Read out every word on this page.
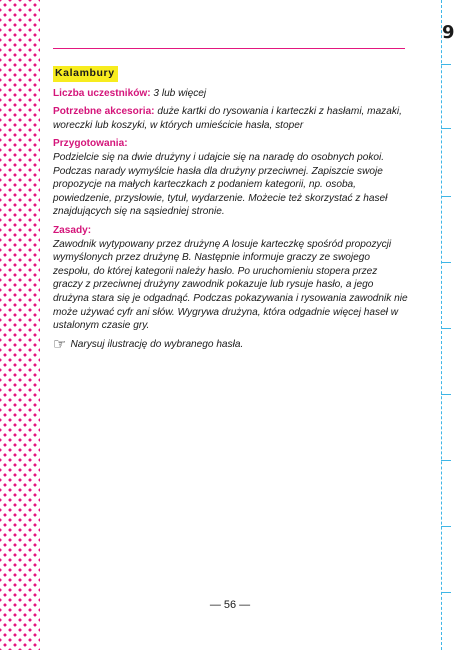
9
Kalambury

Liczba uczestników: 3 lub więcej

Potrzebne akcesoria: duże kartki do rysowania i karteczki z hasłami, mazaki, woreczki lub koszyki, w których umieścicie hasła, stoper

Przygotowania:
Podzielcie się na dwie drużyny i udajcie się na naradę do osobnych pokoi. Podczas narady wymyślcie hasła dla drużyny przeciwnej. Zapiszcie swoje propozycje na małych karteczkach z podaniem kategorii, np. osoba, powiedzenie, przysłowie, tytuł, wydarzenie. Możecie też skorzystać z haseł znajdujących się na sąsiedniej stronie.

Zasady:
Zawodnik wytypowany przez drużynę A losuje karteczkę spośród propozycji wymyślonych przez drużynę B. Następnie informuje graczy ze swojego zespołu, do której kategorii należy hasło. Po uruchomieniu stopera przez graczy z przeciwnej drużyny zawodnik pokazuje lub rysuje hasło, a jego drużyna stara się je odgadnąć. Podczas pokazywania i rysowania zawodnik nie może używać cyfr ani słów. Wygrywa drużyna, która odgadnie więcej haseł w ustalonym czasie gry.

☞ Narysuj ilustrację do wybranego hasła.
— 56 —
